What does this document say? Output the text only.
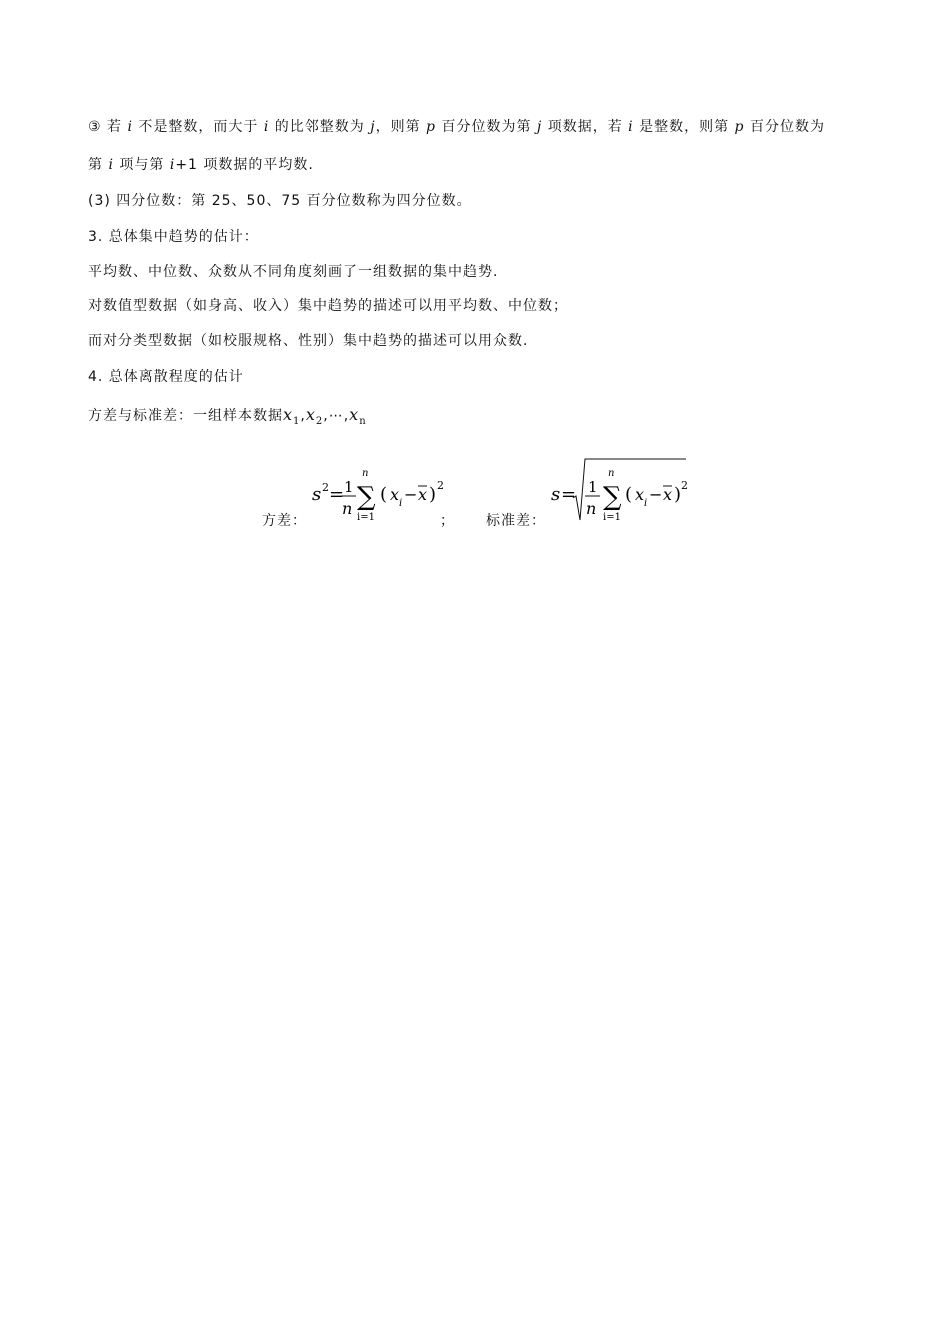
③ 若 i 不是整数，而大于 i 的比邻整数为 j，则第 p 百分位数为第 j 项数据，若 i 是整数，则第 p 百分位数为
第 i 项与第 i+1 项数据的平均数.
(3) 四分位数：第 25、50、75 百分位数称为四分位数。
3. 总体集中趋势的估计：
平均数、中位数、众数从不同角度刻画了一组数据的集中趋势.
对数值型数据（如身高、收入）集中趋势的描述可以用平均数、中位数；
而对分类型数据（如校服规格、性别）集中趋势的描述可以用众数.
4. 总体离散程度的估计
方差与标准差：一组样本数据$x_1,x_2,\cdots,x_n$
方差：
s 2 = 1
n
n
∑
i=1
( x i − x ) 2
； 标准差：
s = 1
n
n
∑
i=1
( x i − x ) 2
